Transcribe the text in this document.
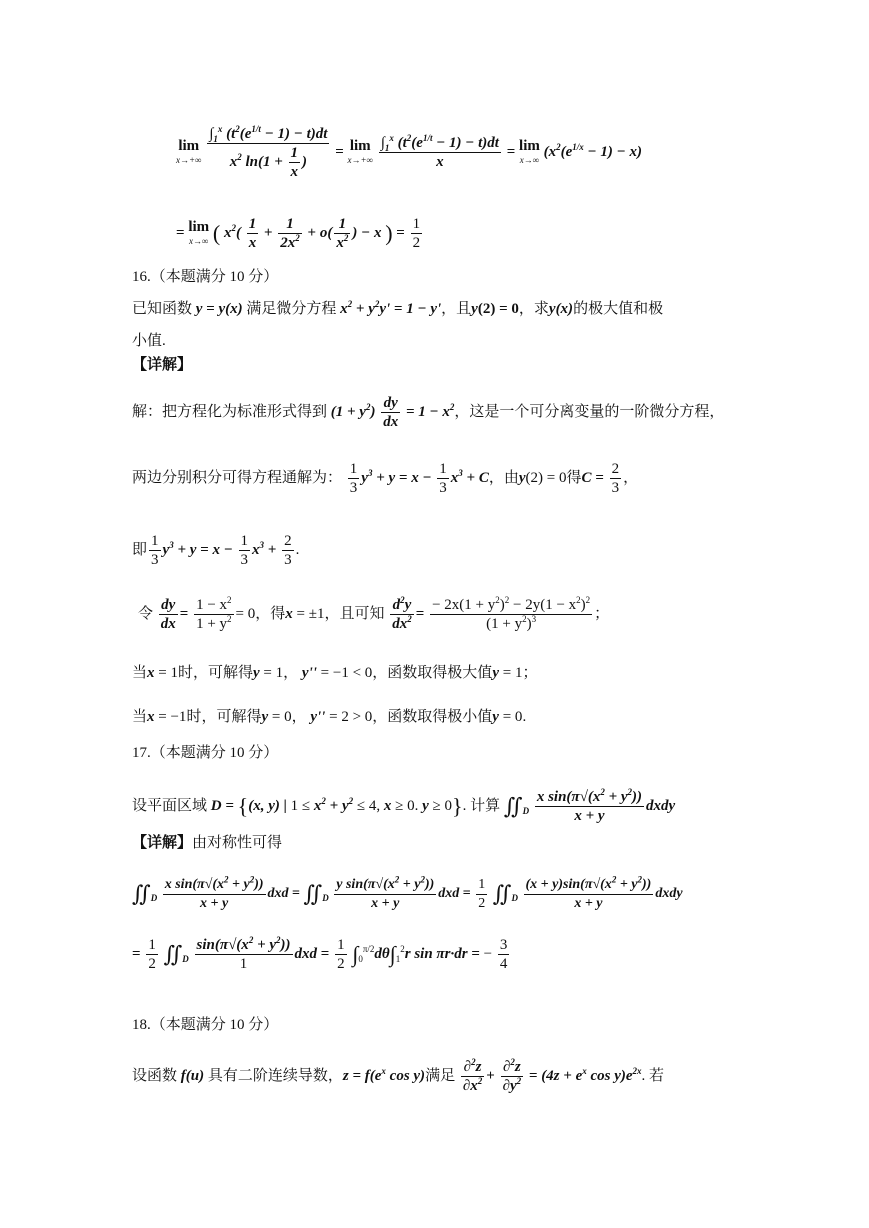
lim
x→+∞
$\frac{\int_1^x (t^2(e^{1/t} - 1) - t)dt}{x^2 \ln(1 + \frac{1}{x} )} = \lim$
x→+∞
$\frac{\int_1^x (t^2(e^{1/t} - 1) - t)dt}{x} = \lim$
x→∞ $(x^2(e^{1/x} - 1) - x)$
= lim
x→∞ ( $x^2( \frac{1}{x} + \frac{1}{2x^2} + o( \frac{1}{x^2}$ ) − x ) = $\frac{1}{2}$
16.（本题满分 10 分）
已知函数 y = y(x) 满足微分方程 $x^2 + y^2y' = 1 - y'$，且y(2) = 0，求y(x)的极大值和极
小值.
【详解】
解：把方程化为标准形式得到 $(1 + y^2) \frac{dy}{dx} = 1 - x^2$，这是一个可分离变量的一阶微分方程，
两边分别积分可得方程通解为： $\frac{1}{3} y^3 + y = x - \frac{1}{3} x^3 + C$，由y(2) = 0得$C = \frac{2}{3}$ ，
即 $\frac{1}{3} y^3 + y = x - \frac{1}{3} x^3 + \frac{2}{3}$ .
令 $\frac{dy}{dx} = \frac{1 - x^2}{1 + y^2} = 0$，得x = ±1，且可知 $\frac{d^2y}{dx^2} = \frac{- 2x(1 + y^2)^2 - 2y(1 - x^2)^2}{(1 + y^2)^3}$ ；
当x = 1时，可解得y = 1， y'' = −1 < 0，函数取得极大值y = 1；
当x = −1时，可解得y = 0， y'' = 2 > 0，函数取得极小值y = 0.
17.（本题满分 10 分）
设平面区域 D = {(x, y) | $1 \le x^2 + y^2 \le 4$, x ≥ 0. y ≥ 0}. 计算 $∬_D \frac{x \sin(\pi√(x^2 + y^2))}{x + y}$ dxdy
【详解】由对称性可得
$∬_D \frac{x \sin(\pi√(x^2 + y^2))}{x + y}$ dxd = $∬_D \frac{y \sin(\pi√(x^2 + y^2))}{x + y}$ dxd = $\frac{1}{2}$ $∬_D \frac{(x + y)\sin(\pi√(x^2 + y^2))}{x + y}$ dxdy
= $\frac{1}{2}$ $∬_D \frac{\sin(\pi√(x^2 + y^2))}{1}$ dxd = $\frac{1}{2} \int_0^{\pi/2}d\theta\int_1^2r$ sin πr·dr = − $\frac{3}{4}$
18.（本题满分 10 分）
设函数 f(u) 具有二阶连续导数，$z = f(e^x$ cos y)满足 $\frac{\partial^2z}{\partial x^2} + \frac{\partial^2z}{\partial y^2} = (4z + e^x$ $\cos y)e^{2x}$. 若
